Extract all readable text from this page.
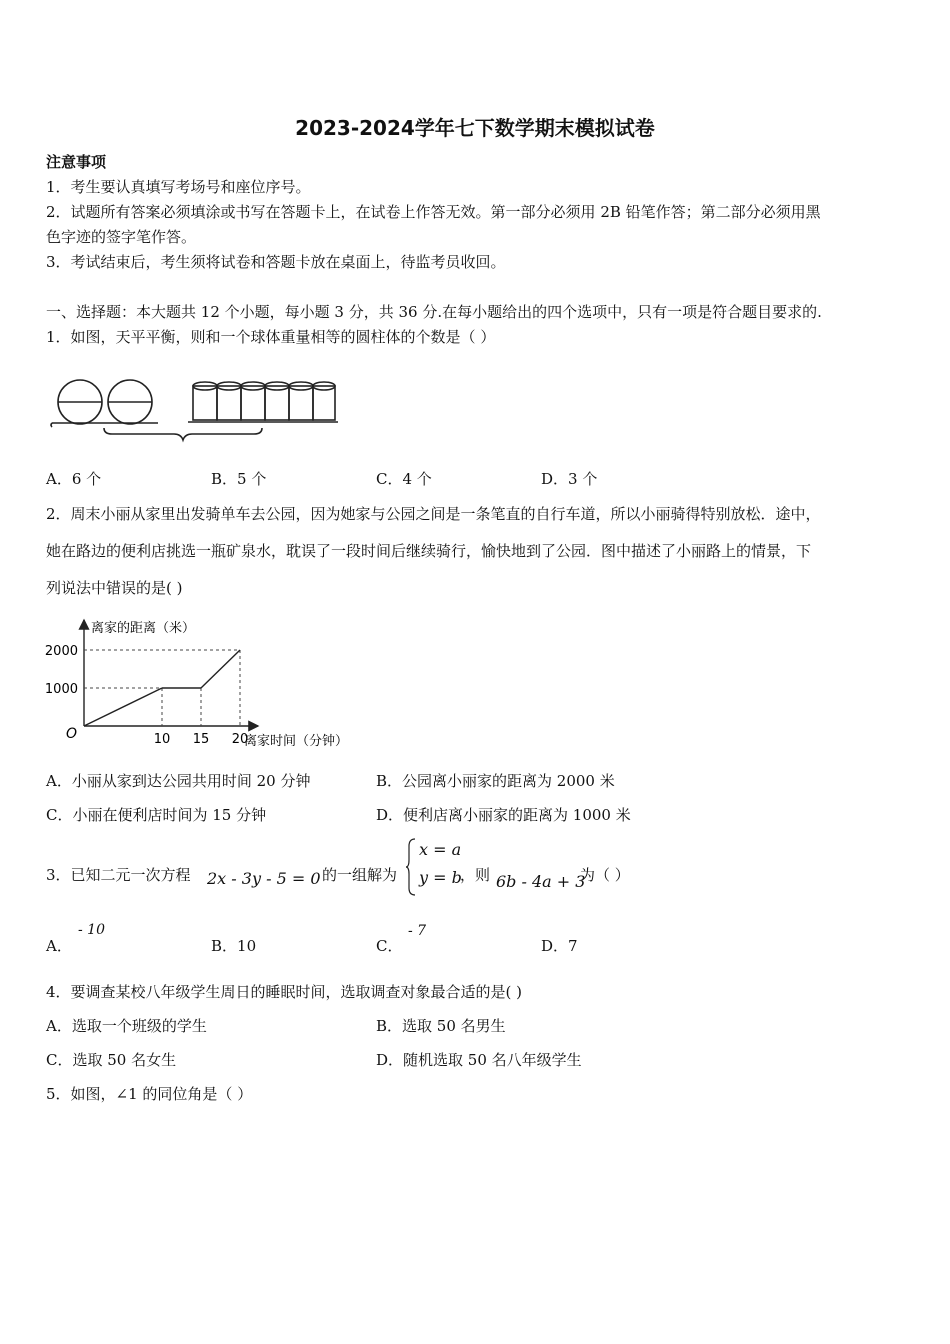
2023-2024学年七下数学期末模拟试卷
注意事项
1．考生要认真填写考场号和座位序号。
2．试题所有答案必须填涂或书写在答题卡上，在试卷上作答无效。第一部分必须用 2B 铅笔作答；第二部分必须用黑
色字迹的签字笔作答。
3．考试结束后，考生须将试卷和答题卡放在桌面上，待监考员收回。
一、选择题：本大题共 12 个小题，每小题 3 分，共 36 分.在每小题给出的四个选项中，只有一项是符合题目要求的.
1．如图，天平平衡，则和一个球体重量相等的圆柱体的个数是（ ）
A．6 个	B．5 个	C．4 个	D．3 个
2．周末小丽从家里出发骑单车去公园，因为她家与公园之间是一条笔直的自行车道，所以小丽骑得特别放松．途中，
她在路边的便利店挑选一瓶矿泉水，耽误了一段时间后继续骑行，愉快地到了公园．图中描述了小丽路上的情景，下
列说法中错误的是( )
离家的距离（米）
离家时间（分钟）
O
1000
2000
10 15 20
A．小丽从家到达公园共用时间 20 分钟	B．公园离小丽家的距离为 2000 米
C．小丽在便利店时间为 15 分钟	D．便利店离小丽家的距离为 1000 米
3．已知二元一次方程 2x - 3y - 5 = 0 的一组解为
x = a
y = b
，则 6b - 4a + 3
为（ ）
A．
- 10
B．10	C．
- 7
D．7
4．要调查某校八年级学生周日的睡眠时间，选取调查对象最合适的是( )
A．选取一个班级的学生	B．选取 50 名男生
C．选取 50 名女生	D．随机选取 50 名八年级学生
5．如图，∠1 的同位角是（ ）
